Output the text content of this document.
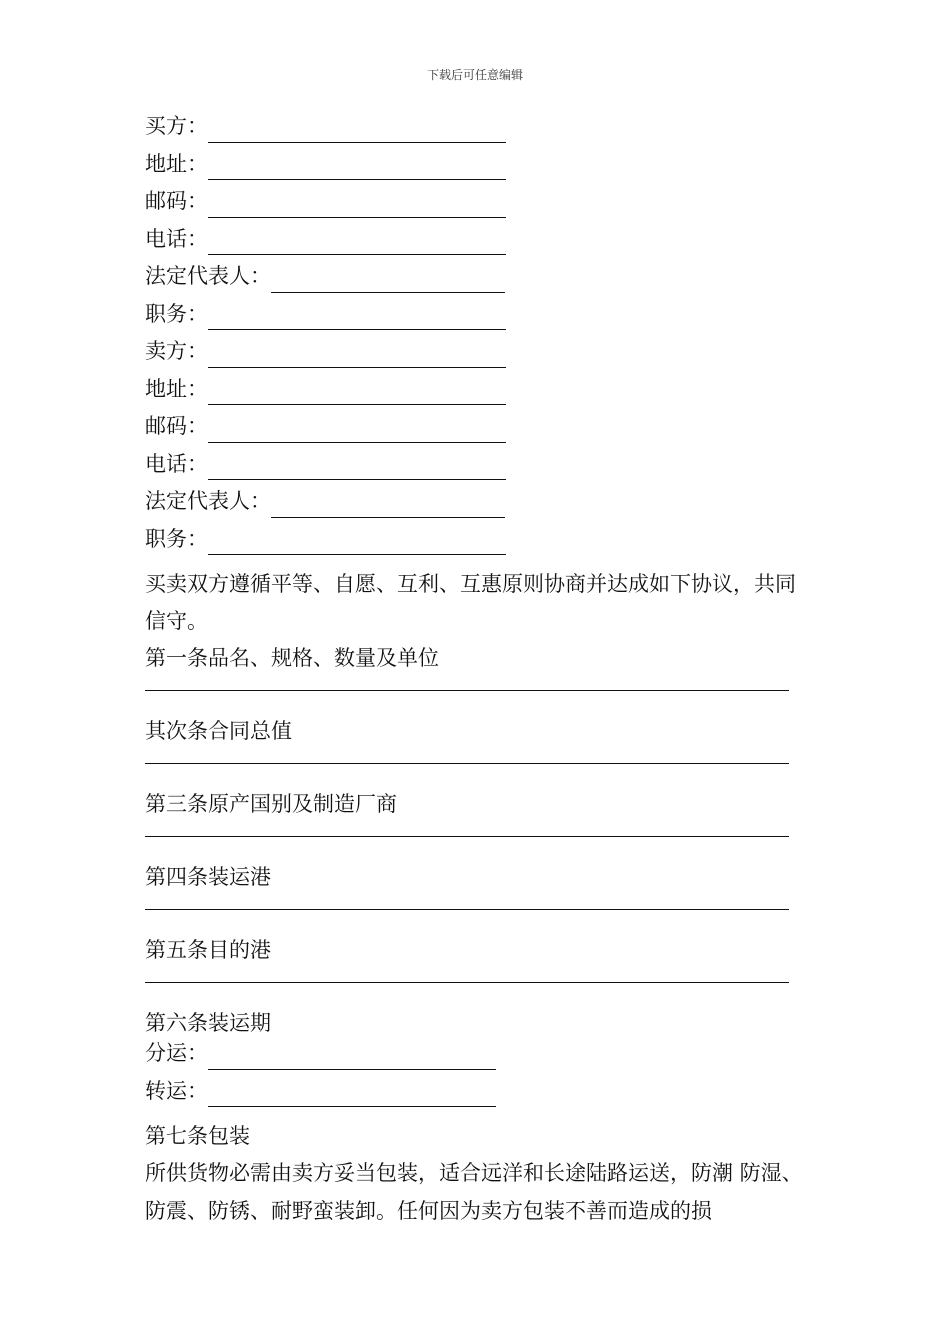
下载后可任意编辑
买方：
地址：
邮码：
电话：
法定代表人：
职务：
卖方：
地址：
邮码：
电话：
法定代表人：
职务：
买卖双方遵循平等、自愿、互利、互惠原则协商并达成如下协议，共同信守。
第一条品名、规格、数量及单位
其次条合同总值
第三条原产国别及制造厂商
第四条装运港
第五条目的港
第六条装运期
分运：
转运：
第七条包装
所供货物必需由卖方妥当包装，适合远洋和长途陆路运送，防潮 防湿、防震、防锈、耐野蛮装卸。任何因为卖方包装不善而造成的损
